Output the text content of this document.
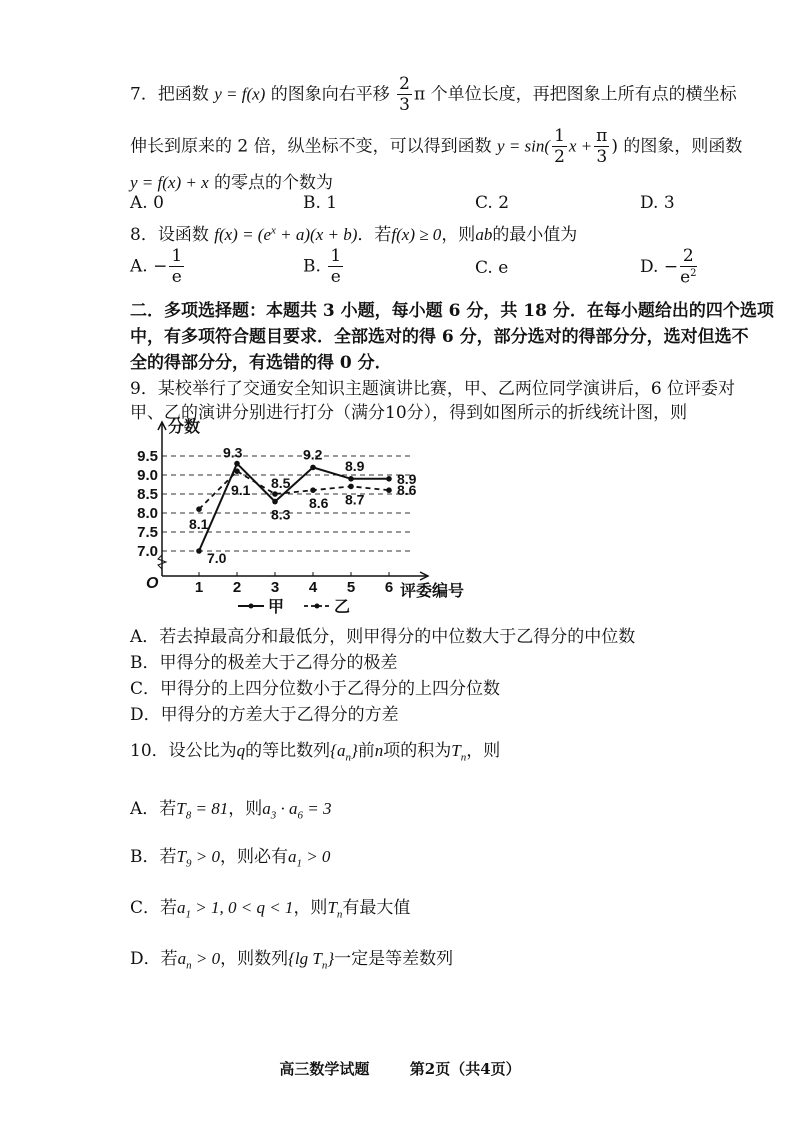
7．把函数 y = f(x) 的图象向右平移 $\frac{2}{3}$ π 个单位长度，再把图象上所有点的横坐标
伸长到原来的 2 倍，纵坐标不变，可以得到函数 $y = \sin( \frac{1}{2}$ $x + \frac{\pi}{3}$ ) 的图象，则函数
y = f(x) + x 的零点的个数为
A. 0	B. 1	C. 2	D. 3
8．设函数 $f(x) = (e^x + a)(x + b)$．若f(x) ≥ 0，则ab的最小值为
A. − $\frac{1}{e}$	B. $\frac{1}{e}$	C. e	D. − $\frac{2}{e^2}$
二．多项选择题：本题共 3 小题，每小题 6 分，共 18 分．在每小题给出的四个选项
中，有多项符合题目要求．全部选对的得 6 分，部分选对的得部分分，选对但选不
全的得部分分，有选错的得 0 分．
9．某校举行了交通安全知识主题演讲比赛，甲、乙两位同学演讲后，6 位评委对
甲、乙的演讲分别进行打分（满分10分），得到如图所示的折线统计图，则
7.0
7.5
8.0
8.5
9.0
9.5
分数
评委编号
O 1 2 3 4 5 6
7.0
9.3
8.3
9.2
8.9
8.9
8.1
9.1 8.5
8.6 8.7
8.6
甲	乙
A．若去掉最高分和最低分，则甲得分的中位数大于乙得分的中位数
B．甲得分的极差大于乙得分的极差
C．甲得分的上四分位数小于乙得分的上四分位数
D．甲得分的方差大于乙得分的方差
10．设公比为q的等比数列$\{a_n\}$前n项的积为$T_n$，则
A．若$T_8 = 81$，则$a_3 \cdot a_6 = 3$
B．若$T_9 > 0$，则必有$a_1 > 0$
C．若$a_1 > 1$, 0 < q < 1，则$T_n$有最大值
D．若$a_n > 0$，则数列{lg $T_n$}一定是等差数列
高三数学试题	第2页（共4页）
